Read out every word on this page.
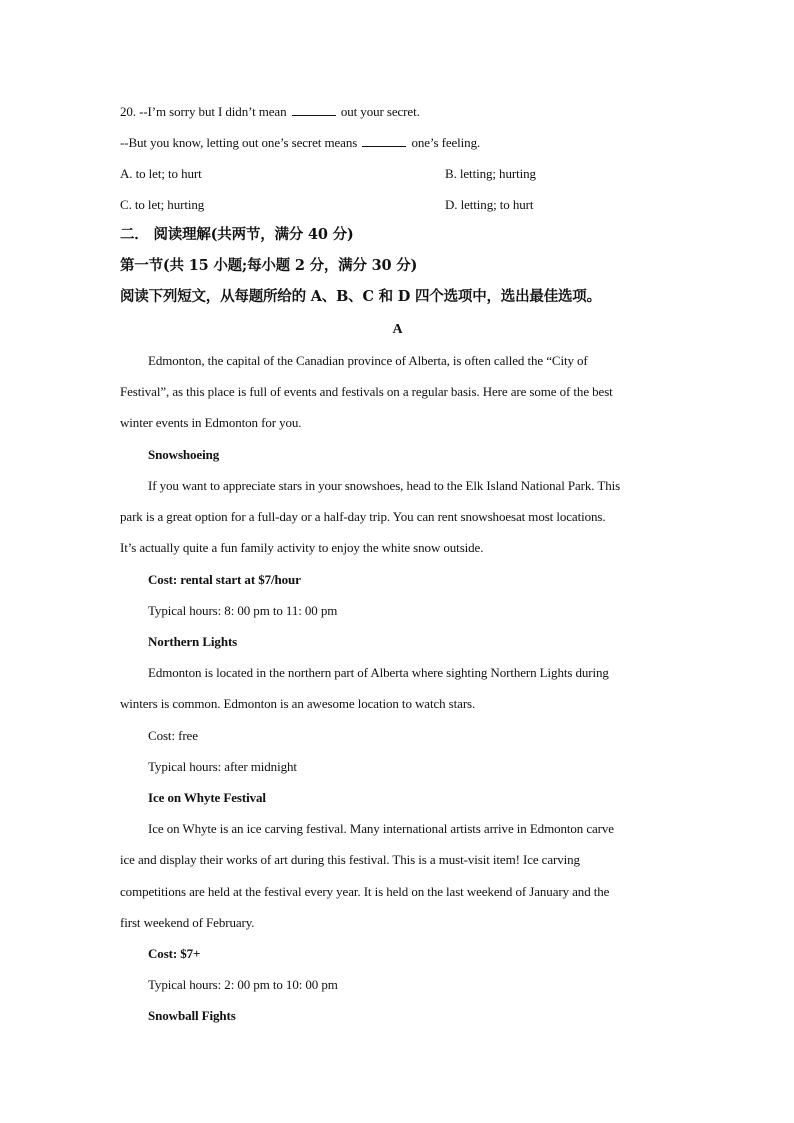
20. --I’m sorry but I didn’t mean	out your secret.
--But you know, letting out one’s secret means	one’s feeling.
A. to let; to hurt	B. letting; hurting
C. to let; hurting	D. letting; to hurt
二． 阅读理解(共两节，满分 40 分)
第一节(共 15 小题;每小题 2 分，满分 30 分)
阅读下列短文，从每题所给的 A、B、C 和 D 四个选项中，选出最佳选项。
A
Edmonton, the capital of the Canadian province of Alberta, is often called the “City of
Festival”, as this place is full of events and festivals on a regular basis. Here are some of the best
winter events in Edmonton for you.
Snowshoeing
If you want to appreciate stars in your snowshoes, head to the Elk Island National Park. This
park is a great option for a full-day or a half-day trip. You can rent snowshoesat most locations.
It’s actually quite a fun family activity to enjoy the white snow outside.
Cost: rental start at $7/hour
Typical hours: 8: 00 pm to 11: 00 pm
Northern Lights
Edmonton is located in the northern part of Alberta where sighting Northern Lights during
winters is common. Edmonton is an awesome location to watch stars.
Cost: free
Typical hours: after midnight
Ice on Whyte Festival
Ice on Whyte is an ice carving festival. Many international artists arrive in Edmonton carve
ice and display their works of art during this festival. This is a must-visit item! Ice carving
competitions are held at the festival every year. It is held on the last weekend of January and the
first weekend of February.
Cost: $7+
Typical hours: 2: 00 pm to 10: 00 pm
Snowball Fights
